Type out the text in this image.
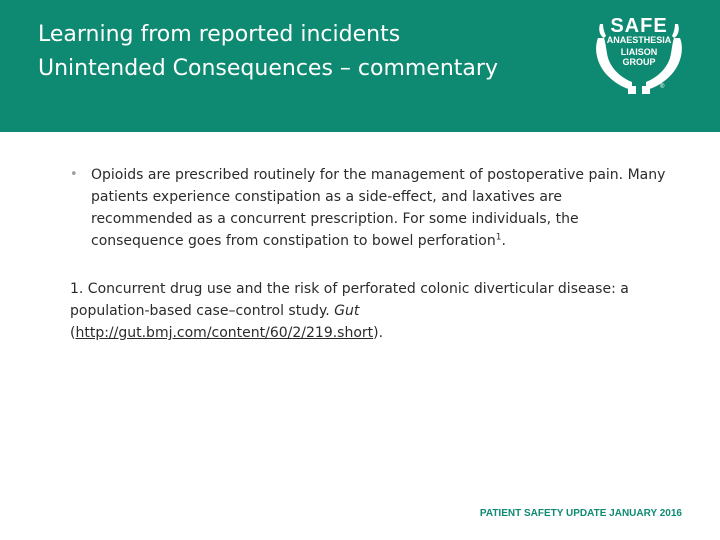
Learning from reported incidents
Unintended Consequences – commentary
SAFE
ANAESTHESIA
LIAISON
GROUP
®
• Opioids are prescribed routinely for the management of postoperative pain. Many patients experience constipation as a side-effect, and laxatives are recommended as a concurrent prescription. For some individuals, the consequence goes from constipation to bowel perforation$^1$.
1. Concurrent drug use and the risk of perforated colonic diverticular disease: a population-based case–control study. Gut (http://gut.bmj.com/content/60/2/219.short).
PATIENT SAFETY UPDATE JANUARY 2016
